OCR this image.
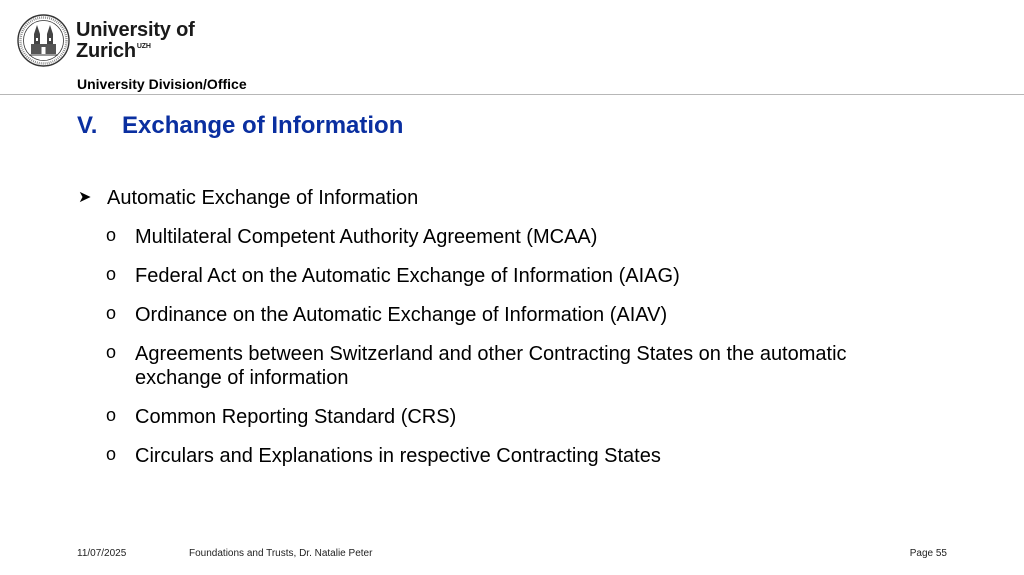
University of
Zurich$^{UZH}$
University Division/Office
V.	Exchange of Information
➤ Automatic Exchange of Information
o Multilateral Competent Authority Agreement (MCAA)
o Federal Act on the Automatic Exchange of Information (AIAG)
o Ordinance on the Automatic Exchange of Information (AIAV)
o Agreements between Switzerland and other Contracting States on the automatic exchange of information
o Common Reporting Standard (CRS)
o Circulars and Explanations in respective Contracting States
11/07/2025	Foundations and Trusts, Dr. Natalie Peter	Page 55
